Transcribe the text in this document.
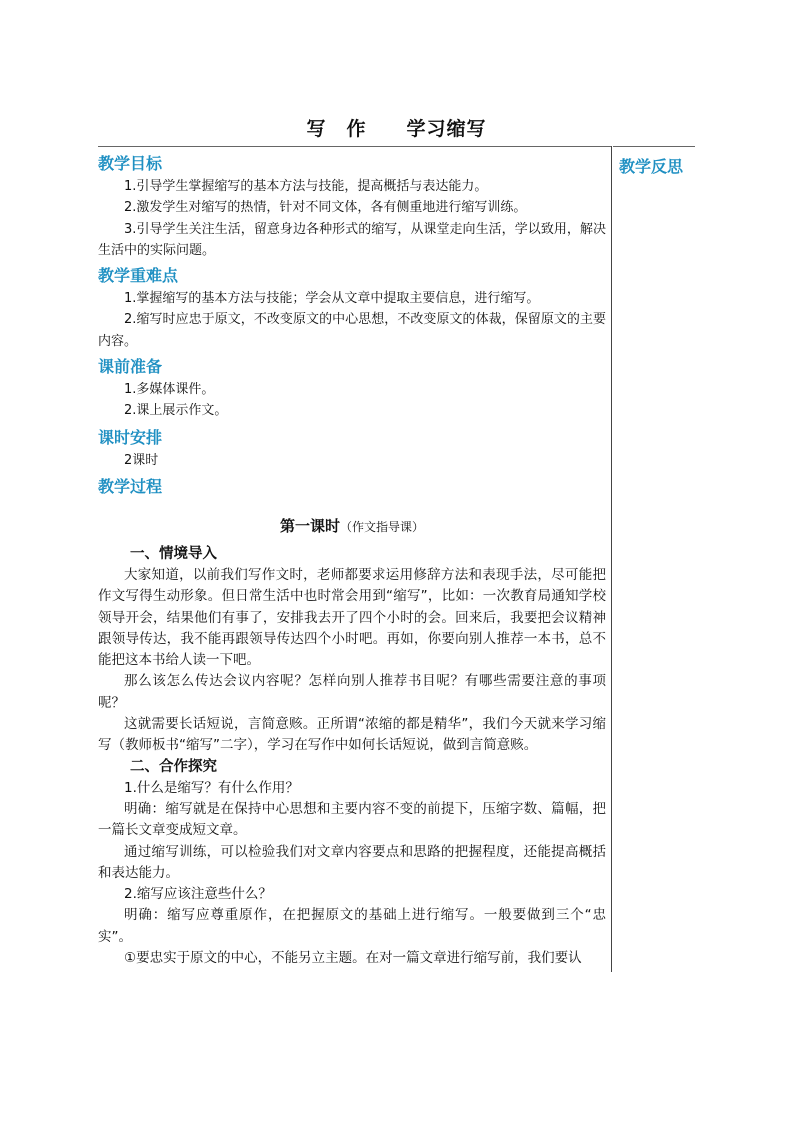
写　作　　学习缩写
教学反思
教学目标

1.引导学生掌握缩写的基本方法与技能，提高概括与表达能力。

2.激发学生对缩写的热情，针对不同文体，各有侧重地进行缩写训练。

3.引导学生关注生活，留意身边各种形式的缩写，从课堂走向生活，学以致用，解决生活中的实际问题。

教学重难点

1.掌握缩写的基本方法与技能；学会从文章中提取主要信息，进行缩写。

2.缩写时应忠于原文，不改变原文的中心思想，不改变原文的体裁，保留原文的主要内容。

课前准备

1.多媒体课件。

2.课上展示作文。

课时安排

2课时

教学过程
第一课时（作文指导课）
一、情境导入

大家知道，以前我们写作文时，老师都要求运用修辞方法和表现手法，尽可能把作文写得生动形象。但日常生活中也时常会用到“缩写”，比如：一次教育局通知学校领导开会，结果他们有事了，安排我去开了四个小时的会。回来后，我要把会议精神跟领导传达，我不能再跟领导传达四个小时吧。再如，你要向别人推荐一本书，总不能把这本书给人读一下吧。

那么该怎么传达会议内容呢？怎样向别人推荐书目呢？有哪些需要注意的事项呢？

这就需要长话短说，言简意赅。正所谓“浓缩的都是精华”，我们今天就来学习缩写（教师板书“缩写”二字），学习在写作中如何长话短说，做到言简意赅。

二、合作探究

1.什么是缩写？有什么作用？

明确：缩写就是在保持中心思想和主要内容不变的前提下，压缩字数、篇幅，把一篇长文章变成短文章。

通过缩写训练，可以检验我们对文章内容要点和思路的把握程度，还能提高概括和表达能力。

2.缩写应该注意些什么？

明确：缩写应尊重原作，在把握原文的基础上进行缩写。一般要做到三个“忠实”。

①要忠实于原文的中心，不能另立主题。在对一篇文章进行缩写前，我们要认
